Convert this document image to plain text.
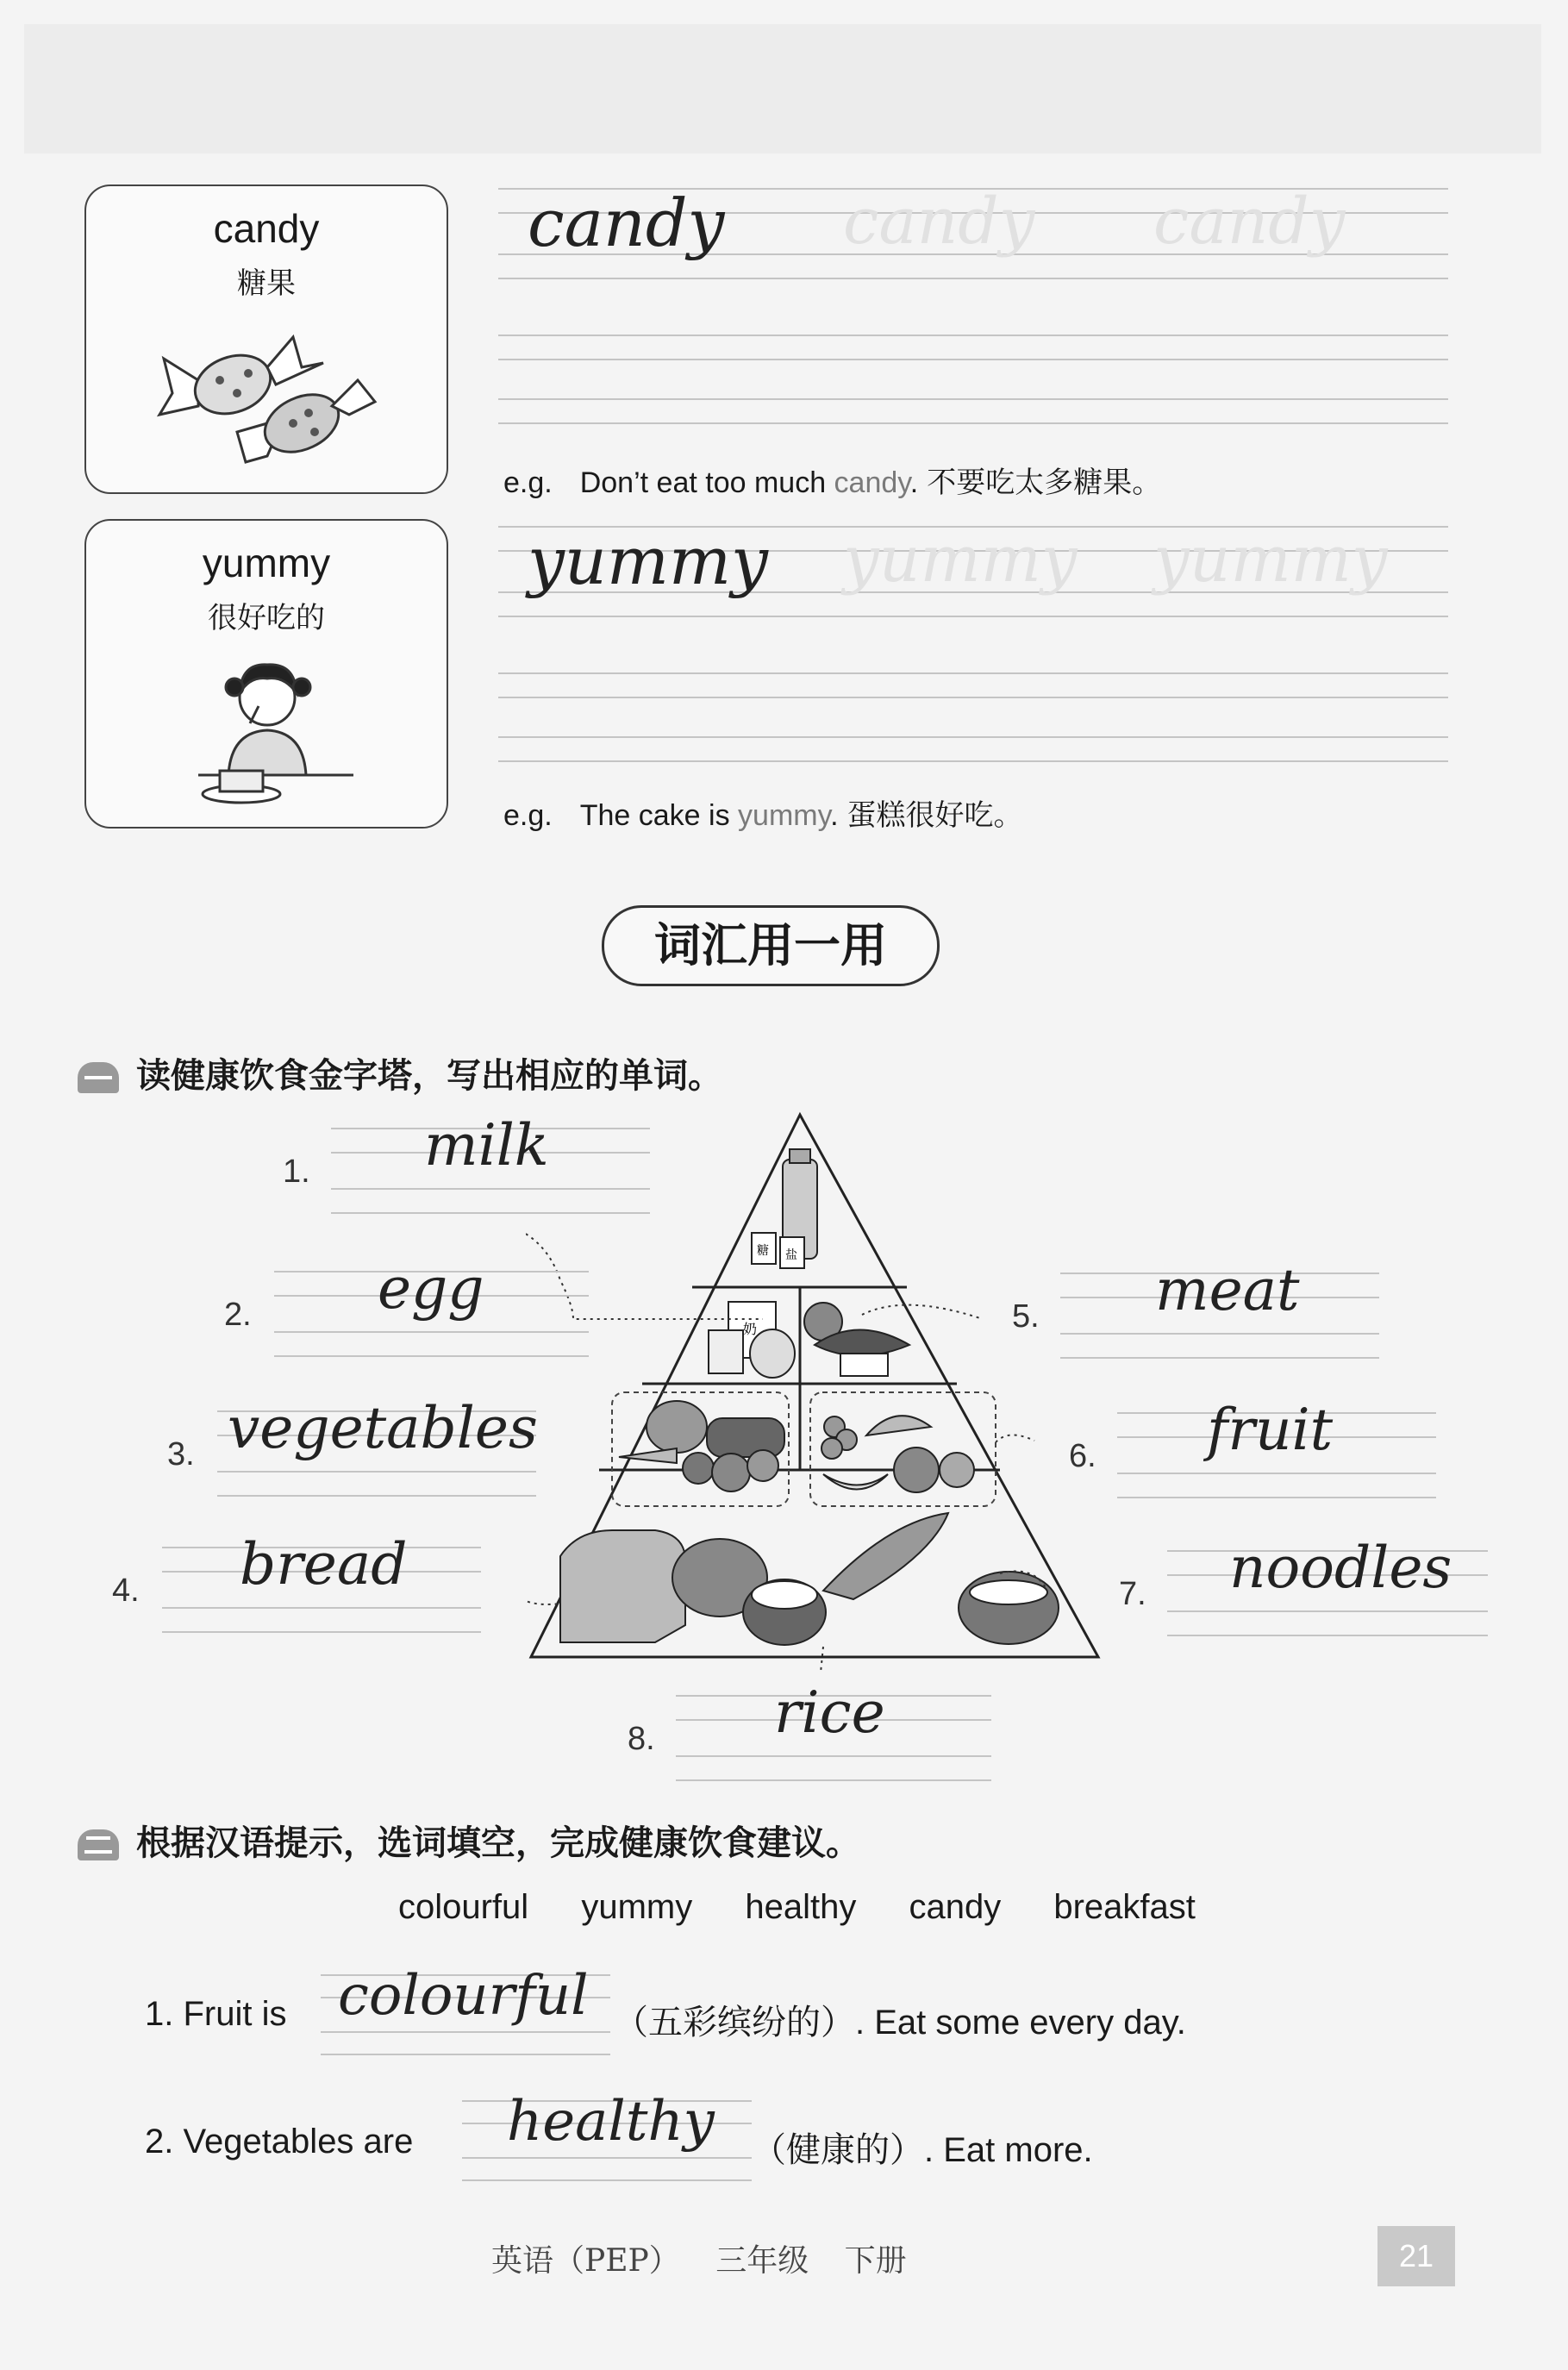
candy
糖果
yummy
很好吃的
candy candy candy
e.g. Don’t eat too much candy. 不要吃太多糖果。
yummy yummy yummy
e.g. The cake is yummy. 蛋糕很好吃。
词汇用一用
读健康饮食金字塔，写出相应的单词。
糖 盐
奶
1. milk
2. egg
3. vegetables
4. bread
5. meat
6. fruit
7. noodles
8. rice
根据汉语提示，选词填空，完成健康饮食建议。
colourful yummy healthy candy breakfast
1. Fruit is colourful （五彩缤纷的）. Eat some every day.
2. Vegetables are healthy （健康的）. Eat more.
英语（PEP） 三年级 下册	21
